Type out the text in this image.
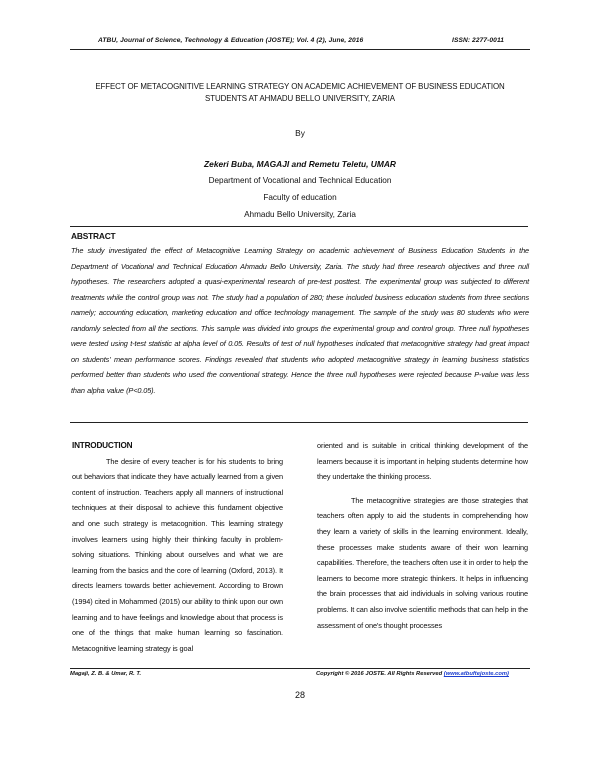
ATBU, Journal of Science, Technology & Education (JOSTE); Vol. 4 (2), June, 2016	ISSN: 2277-0011
EFFECT OF METACOGNITIVE LEARNING STRATEGY ON ACADEMIC ACHIEVEMENT OF BUSINESS EDUCATION STUDENTS AT AHMADU BELLO UNIVERSITY, ZARIA
By
Zekeri Buba, MAGAJI and Remetu Teletu, UMAR
Department of Vocational and Technical Education
Faculty of education
Ahmadu Bello University, Zaria
ABSTRACT
The study investigated the effect of Metacognitive Learning Strategy on academic achievement of Business Education Students in the Department of Vocational and Technical Education Ahmadu Bello University, Zaria. The study had three research objectives and three null hypotheses. The researchers adopted a quasi-experimental research of pre-test posttest. The experimental group was subjected to different treatments while the control group was not. The study had a population of 280; these included business education students from three sections namely; accounting education, marketing education and office technology management. The sample of the study was 80 students who were randomly selected from all the sections. This sample was divided into groups the experimental group and control group. Three null hypotheses were tested using t-test statistic at alpha level of 0.05. Results of test of null hypotheses indicated that metacognitive strategy had great impact on students' mean performance scores. Findings revealed that students who adopted metacognitive strategy in learning business statistics performed better than students who used the conventional strategy. Hence the three null hypotheses were rejected because P-value was less than alpha value (P<0.05).
INTRODUCTION
The desire of every teacher is for his students to bring out behaviors that indicate they have actually learned from a given content of instruction. Teachers apply all manners of instructional techniques at their disposal to achieve this fundament objective and one such strategy is metacognition. This learning strategy involves learners using highly their thinking faculty in problem-solving situations. Thinking about ourselves and what we are learning from the basics and the core of learning (Oxford, 2013). It directs learners towards better achievement. According to Brown (1994) cited in Mohammed (2015) our ability to think upon our own learning and to have feelings and knowledge about that process is one of the things that make human learning so fascination. Metacognitive learning strategy is goal
oriented and is suitable in critical thinking development of the learners because it is important in helping students determine how they undertake the thinking process.
The metacognitive strategies are those strategies that teachers often apply to aid the students in comprehending how they learn a variety of skills in the learning environment. Ideally, these processes make students aware of their won learning capabilities. Therefore, the teachers often use it in order to help the learners to become more strategic thinkers. It helps in influencing the brain processes that aid individuals in solving various routine problems. It can also involve scientific methods that can help in the assessment of one's thought processes
Magaji, Z. B. & Umar, R. T.	Copyright © 2016 JOSTE. All Rights Reserved (www.atbuftejoste.com)
28
